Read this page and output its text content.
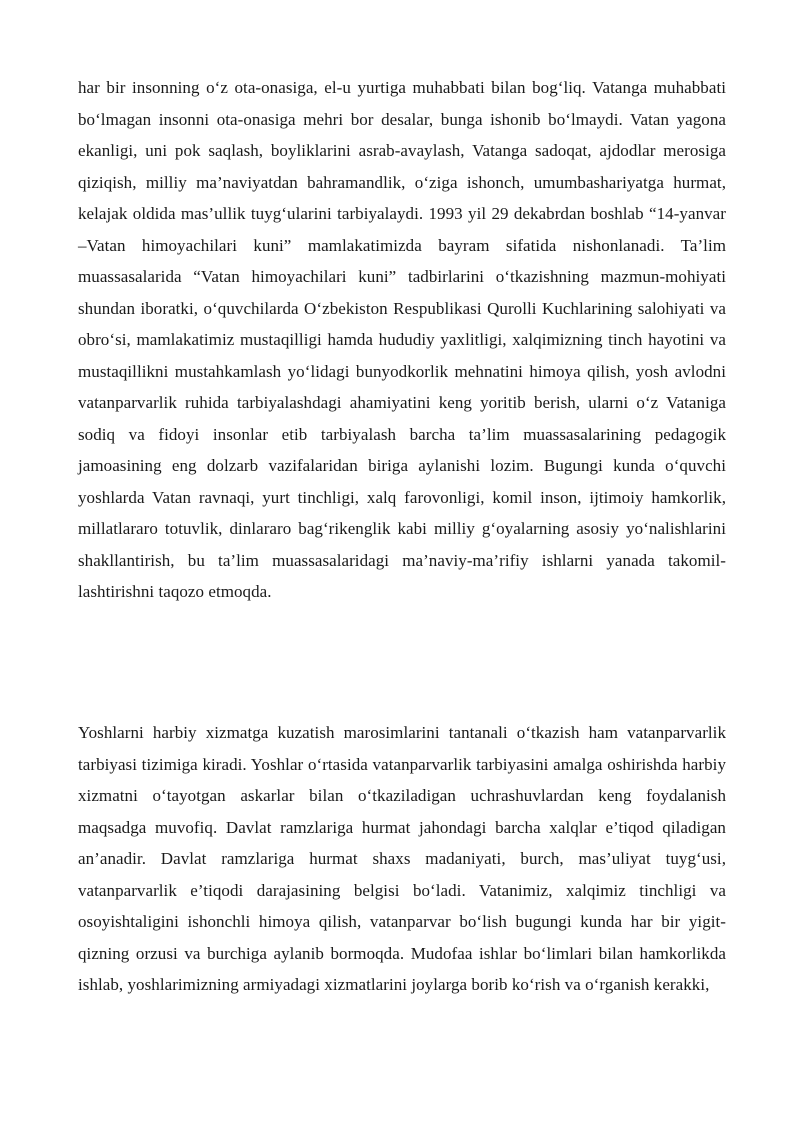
har bir insonning o‘z ota-onasiga, el-u yurtiga muhabbati bilan bog‘liq. Vatanga muhabbati bo‘lmagan insonni ota-onasiga mehri bor desalar, bunga ishonib bo‘lmaydi. Vatan yagona ekanligi, uni pok saqlash, boyliklarini asrab-avaylash, Vatanga sadoqat, ajdodlar merosiga qiziqish, milliy ma’naviyatdan bahramandlik, o‘ziga ishonch, umumbashariyatga hurmat, kelajak oldida mas’ullik tuyg‘ularini tarbiyalaydi. 1993 yil 29 dekabrdan boshlab “14-yanvar –Vatan himoyachilari kuni” mamlakatimizda bayram sifatida nishonlanadi. Ta’lim muassasalarida “Vatan himoyachilari kuni” tadbirlarini o‘tkazishning mazmun-mohiyati shundan iboratki, o‘quvchilarda O‘zbekiston Respublikasi Qurolli Kuchlarining salohiyati va obro‘si, mamlakatimiz mustaqilligi hamda hududiy yaxlitligi, xalqimizning tinch hayotini va mustaqillikni mustahkamlash yo‘lidagi bunyodkorlik mehnatini himoya qilish, yosh avlodni vatanparvarlik ruhida tarbiyalashdagi ahamiyatini keng yoritib berish, ularni o‘z Vataniga sodiq va fidoyi insonlar etib tarbiyalash barcha ta’lim muassasalarining pedagogik jamoasining eng dolzarb vazifalaridan biriga aylanishi lozim. Bugungi kunda o‘quvchi yoshlarda Vatan ravnaqi, yurt tinchligi, xalq farovonligi, komil inson, ijtimoiy hamkorlik, millatlararo totuvlik, dinlararo bag‘rikenglik kabi milliy g‘oyalarning asosiy yo‘nalishlarini shakllantirish, bu ta’lim muassasalaridagi ma’naviy-ma’rifiy ishlarni yanada takomil-lashtirishni taqozo etmoqda.

Yoshlarni harbiy xizmatga kuzatish marosimlarini tantanali o‘tkazish ham vatanparvarlik tarbiyasi tizimiga kiradi. Yoshlar o‘rtasida vatanparvarlik tarbiyasini amalga oshirishda harbiy xizmatni o‘tayotgan askarlar bilan o‘tkaziladigan uchrashuvlardan keng foydalanish maqsadga muvofiq. Davlat ramzlariga hurmat jahondagi barcha xalqlar e’tiqod qiladigan an’anadir. Davlat ramzlariga hurmat shaxs madaniyati, burch, mas’uliyat tuyg‘usi, vatanparvarlik e’tiqodi darajasining belgisi bo‘ladi. Vatanimiz, xalqimiz tinchligi va osoyishtaligini ishonchli himoya qilish, vatanparvar bo‘lish bugungi kunda har bir yigit-qizning orzusi va burchiga aylanib bormoqda. Mudofaa ishlar bo‘limlari bilan hamkorlikda ishlab, yoshlarimizning armiyadagi xizmatlarini joylarga borib ko‘rish va o‘rganish kerakki,
